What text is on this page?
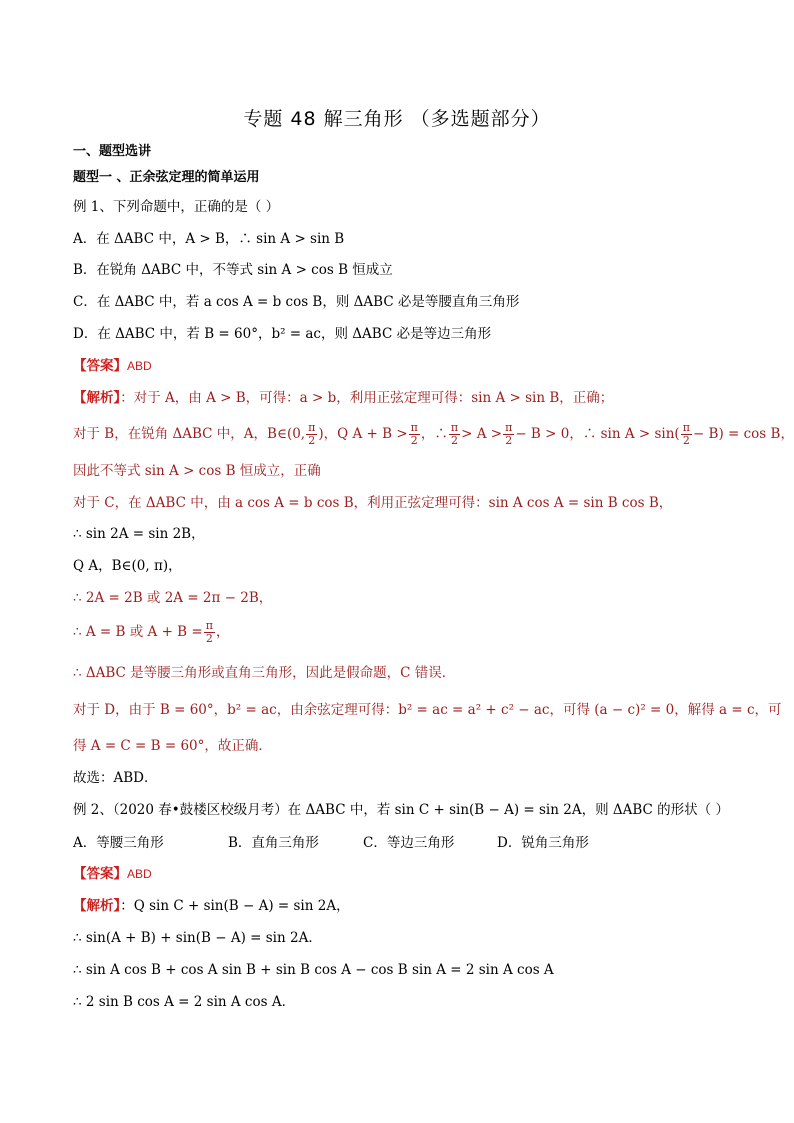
专题 48 解三角形 （多选题部分）
一、题型选讲
题型一 、正余弦定理的简单运用
例 1、下列命题中，正确的是（ ）
A．在 ΔABC 中，A > B，∴ sin A > sin B
B．在锐角 ΔABC 中，不等式 sin A > cos B 恒成立
C．在 ΔABC 中，若 a cos A = b cos B，则 ΔABC 必是等腰直角三角形
D．在 ΔABC 中，若 B = 60°，b² = ac，则 ΔABC 必是等边三角形
【答案】ABD
【解析】：对于 A，由 A > B，可得：a > b，利用正弦定理可得：sin A > sin B，正确；
对于 B，在锐角 ΔABC 中，A，B∈(0, $\frac{\pi}{2}$ )，Q $A + B > \frac{\pi}{2}$ ，∴ $\frac{\pi}{2} > A > \frac{\pi}{2} - B > 0$，∴ $\sin A > \sin( \frac{\pi}{2} - B) = \cos B$，
因此不等式 sin A > cos B 恒成立，正确
对于 C，在 ΔABC 中，由 a cos A = b cos B，利用正弦定理可得：sin A cos A = sin B cos B，
∴ sin 2A = sin 2B，
Q A，B∈(0, π)，
∴ 2A = 2B 或 2A = 2π − 2B，
∴ A = B 或 $A + B = \frac{\pi}{2}$ ，
∴ ΔABC 是等腰三角形或直角三角形，因此是假命题，C 错误．
对于 D，由于 B = 60°，b² = ac，由余弦定理可得：b² = ac = a² + c² − ac，可得 (a − c)² = 0，解得 a = c，可
得 A = C = B = 60°，故正确．
故选：ABD．
例 2、（2020 春•鼓楼区校级月考）在 ΔABC 中，若 sin C + sin(B − A) = sin 2A，则 ΔABC 的形状（ ）
A．等腰三角形	B．直角三角形	C．等边三角形	D．锐角三角形
【答案】ABD
【解析】：Q sin C + sin(B − A) = sin 2A，
∴ sin(A + B) + sin(B − A) = sin 2A．
∴ sin A cos B + cos A sin B + sin B cos A − cos B sin A = 2 sin A cos A
∴ 2 sin B cos A = 2 sin A cos A．
